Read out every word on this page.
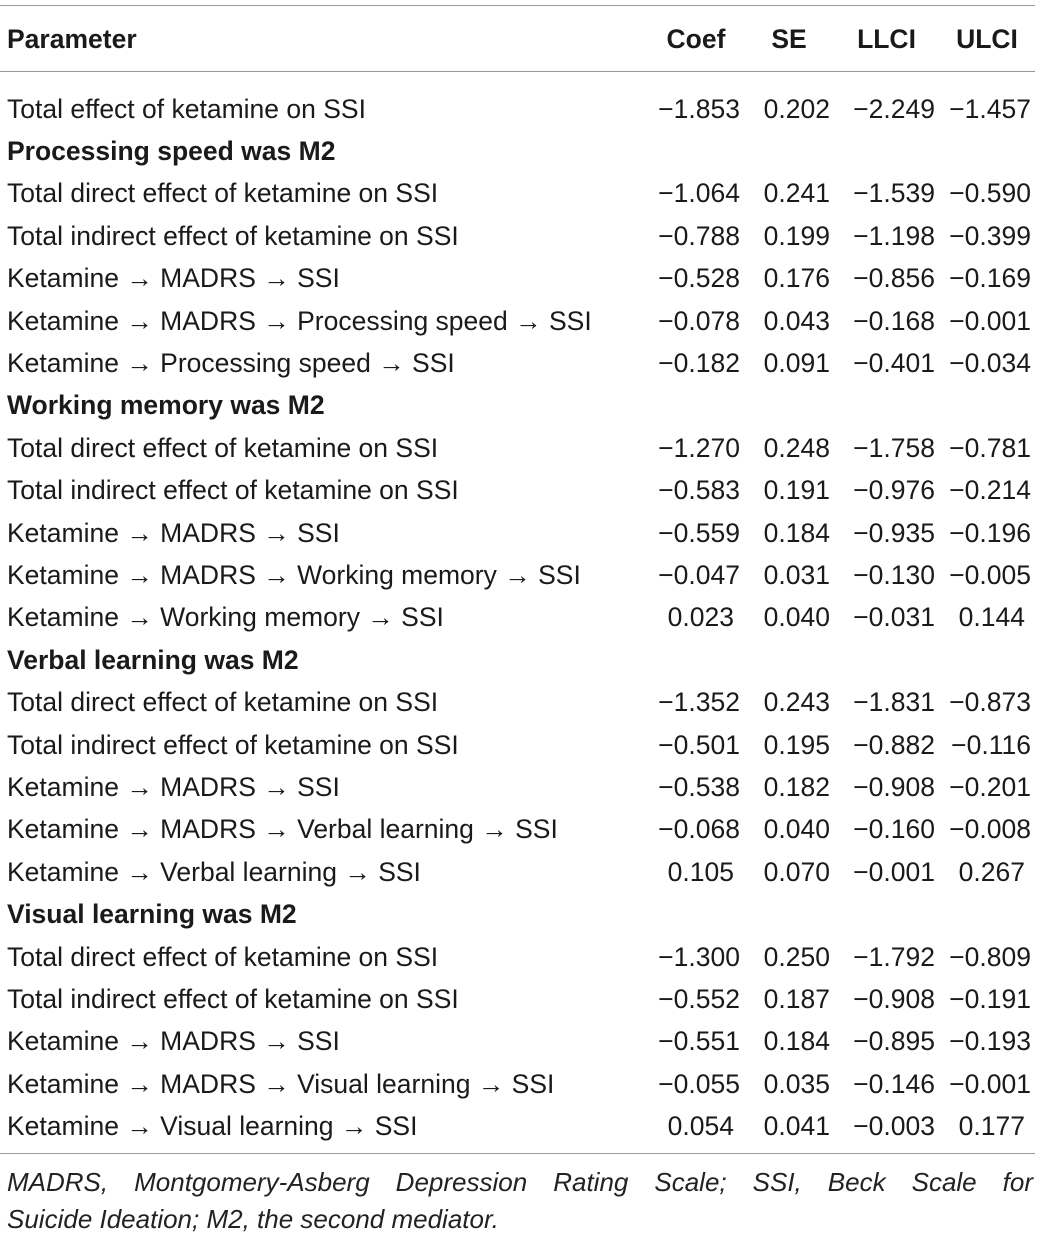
Parameter	Coef	SE	LLCI	ULCI

Total effect of ketamine on SSI	−1.853	0.202	−2.249	−1.457
Processing speed was M2				
Total direct effect of ketamine on SSI	−1.064	0.241	−1.539	−0.590
Total indirect effect of ketamine on SSI	−0.788	0.199	−1.198	−0.399
Ketamine → MADRS → SSI	−0.528	0.176	−0.856	−0.169
Ketamine → MADRS → Processing speed → SSI	−0.078	0.043	−0.168	−0.001
Ketamine → Processing speed → SSI	−0.182	0.091	−0.401	−0.034
Working memory was M2				
Total direct effect of ketamine on SSI	−1.270	0.248	−1.758	−0.781
Total indirect effect of ketamine on SSI	−0.583	0.191	−0.976	−0.214
Ketamine → MADRS → SSI	−0.559	0.184	−0.935	−0.196
Ketamine → MADRS → Working memory → SSI	−0.047	0.031	−0.130	−0.005
Ketamine → Working memory → SSI	0.023	0.040	−0.031	0.144
Verbal learning was M2				
Total direct effect of ketamine on SSI	−1.352	0.243	−1.831	−0.873
Total indirect effect of ketamine on SSI	−0.501	0.195	−0.882	−0.116
Ketamine → MADRS → SSI	−0.538	0.182	−0.908	−0.201
Ketamine → MADRS → Verbal learning → SSI	−0.068	0.040	−0.160	−0.008
Ketamine → Verbal learning → SSI	0.105	0.070	−0.001	0.267
Visual learning was M2				
Total direct effect of ketamine on SSI	−1.300	0.250	−1.792	−0.809
Total indirect effect of ketamine on SSI	−0.552	0.187	−0.908	−0.191
Ketamine → MADRS → SSI	−0.551	0.184	−0.895	−0.193
Ketamine → MADRS → Visual learning → SSI	−0.055	0.035	−0.146	−0.001
Ketamine → Visual learning → SSI	0.054	0.041	−0.003	0.177
MADRS, Montgomery-Asberg Depression Rating Scale; SSI, Beck Scale for
Suicide Ideation; M2, the second mediator.
